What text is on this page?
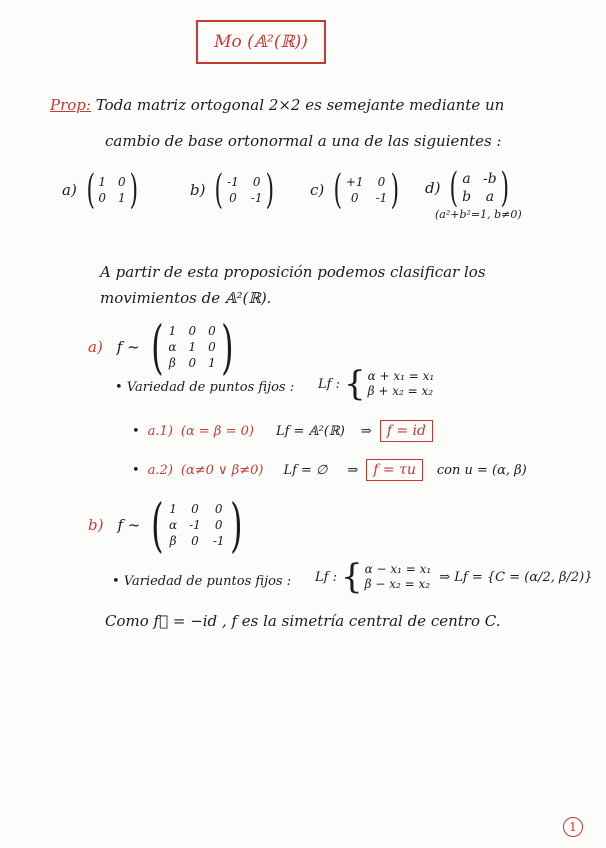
Mo (𝔸²(ℝ))
Prop: Toda matriz ortogonal 2×2 es semejante mediante un
cambio de base ortonormal a una de las siguientes :
a) ( 1 0
0 1 )	b) ( -1 0
0 -1 ) c) ( +1 0
0	-1 ) d) ( a -b
b a )
(a²+b²=1, b≠0)
A partir de esta proposición podemos clasificar los
movimientos de 𝔸²(ℝ).
a) f ~ ( 1 0 0
α 1 0
β 0 1 )
• Variedad de puntos fijos : Lf : { α + x₁ = x₁
β + x₂ = x₂
• a.1) (α = β = 0) Lf = 𝔸²(ℝ) ⇒	f = id
• a.2) (α≠0 ∨ β≠0) Lf = ∅ ⇒	f = τu	con u = (α, β)
b) f ~ ( 1 0 0
α -1 0
β 0 -1 )
• Variedad de puntos fijos : Lf : { α − x₁ = x₁
β − x₂ = x₂ ⇒ Lf = {C = (α/2, β/2)}
Como f⃗ = −id , f es la simetría central de centro C.
1
